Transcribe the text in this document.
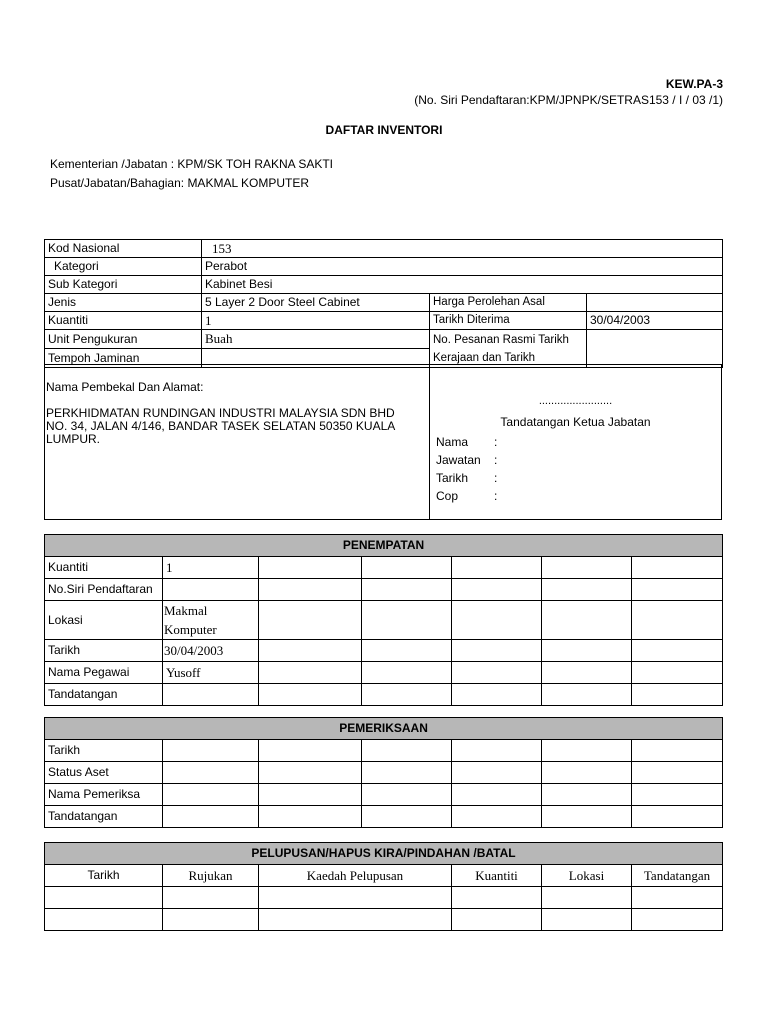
KEW.PA-3
(No. Siri Pendaftaran:KPM/JPNPK/SETRAS153 / I / 03 /1)
DAFTAR INVENTORI
Kementerian /Jabatan : KPM/SK TOH RAKNA SAKTI
Pusat/Jabatan/Bahagian: MAKMAL KOMPUTER
Kod Nasional	153		
Kategori	Perabot		
Sub Kategori	Kabinet Besi		
Jenis	5 Layer 2 Door Steel Cabinet	Harga Perolehan Asal	
Kuantiti	1	Tarikh Diterima	30/04/2003
Unit Pengukuran	Buah	No. Pesanan Rasmi Tarikh
Kerajaan dan Tarikh	
Tempoh Jaminan			
Nama Pembekal Dan Alamat:
PERKHIDMATAN RUNDINGAN INDUSTRI MALAYSIA SDN BHD NO. 34, JALAN 4/146, BANDAR TASEK SELATAN 50350 KUALA LUMPUR.
........................
Tandatangan Ketua Jabatan
Nama	:
Jawatan	:
Tarikh	:
Cop	:
PENEMPATAN						
Kuantiti	1					
No.Siri Pendaftaran						
Lokasi	Makmal Komputer					
Tarikh	30/04/2003					
Nama Pegawai	Yusoff					
Tandatangan						
PEMERIKSAAN						
Tarikh						
Status Aset						
Nama Pemeriksa						
Tandatangan						
PELUPUSAN/HAPUS KIRA/PINDAHAN /BATAL					
Tarikh	Rujukan	Kaedah Pelupusan	Kuantiti	Lokasi	Tandatangan
